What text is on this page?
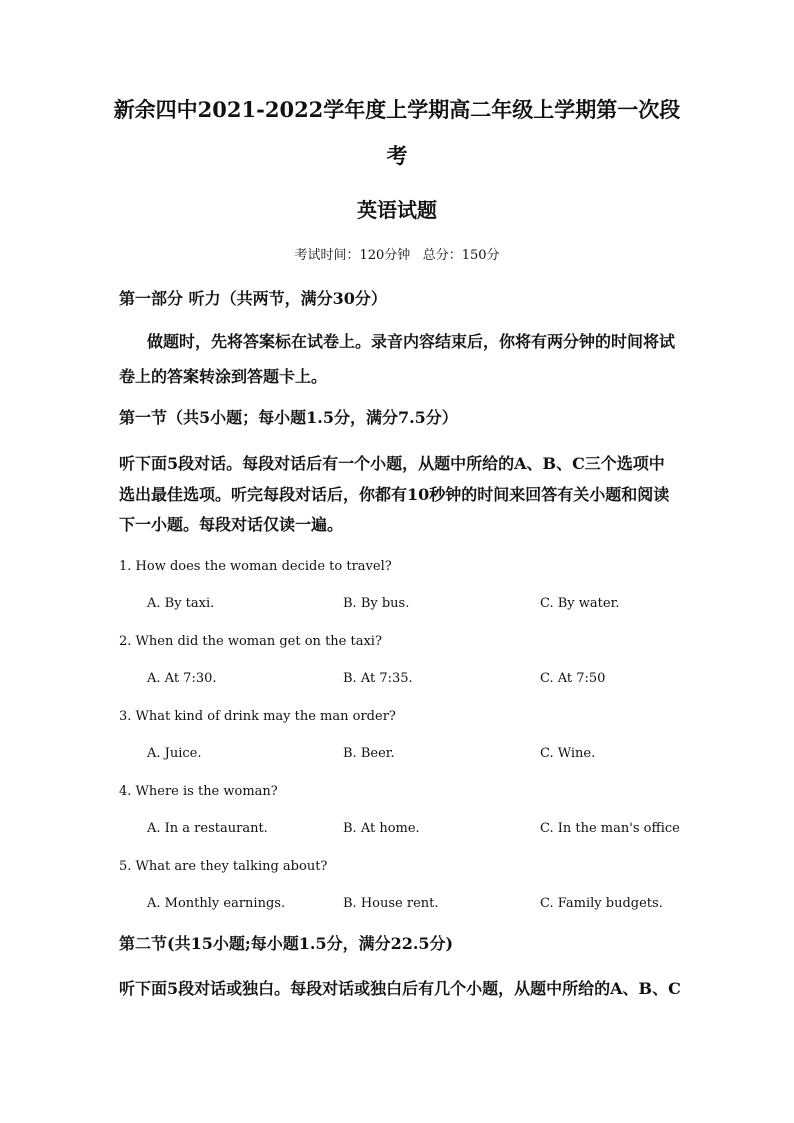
新余四中2021-2022学年度上学期高二年级上学期第一次段
考
英语试题
考试时间：120分钟   总分：150分
第一部分 听力（共两节，满分30分）
做题时，先将答案标在试卷上。录音内容结束后，你将有两分钟的时间将试
卷上的答案转涂到答题卡上。
第一节（共5小题；每小题1.5分，满分7.5分）
听下面5段对话。每段对话后有一个小题，从题中所给的A、B、C三个选项中
选出最佳选项。听完每段对话后，你都有10秒钟的时间来回答有关小题和阅读
下一小题。每段对话仅读一遍。
1. How does the woman decide to travel?
A. By taxi.	B. By bus.	C. By water.
2. When did the woman get on the taxi?
A. At 7:30.	B. At 7:35.	C. At 7:50
3. What kind of drink may the man order?
A. Juice.	B. Beer.	C. Wine.
4. Where is the woman?
A. In a restaurant.	B. At home.	C. In the man's office
5. What are they talking about?
A. Monthly earnings.	B. House rent.	C. Family budgets.
第二节(共15小题;每小题1.5分，满分22.5分)
听下面5段对话或独白。每段对话或独白后有几个小题，从题中所给的A、B、C
